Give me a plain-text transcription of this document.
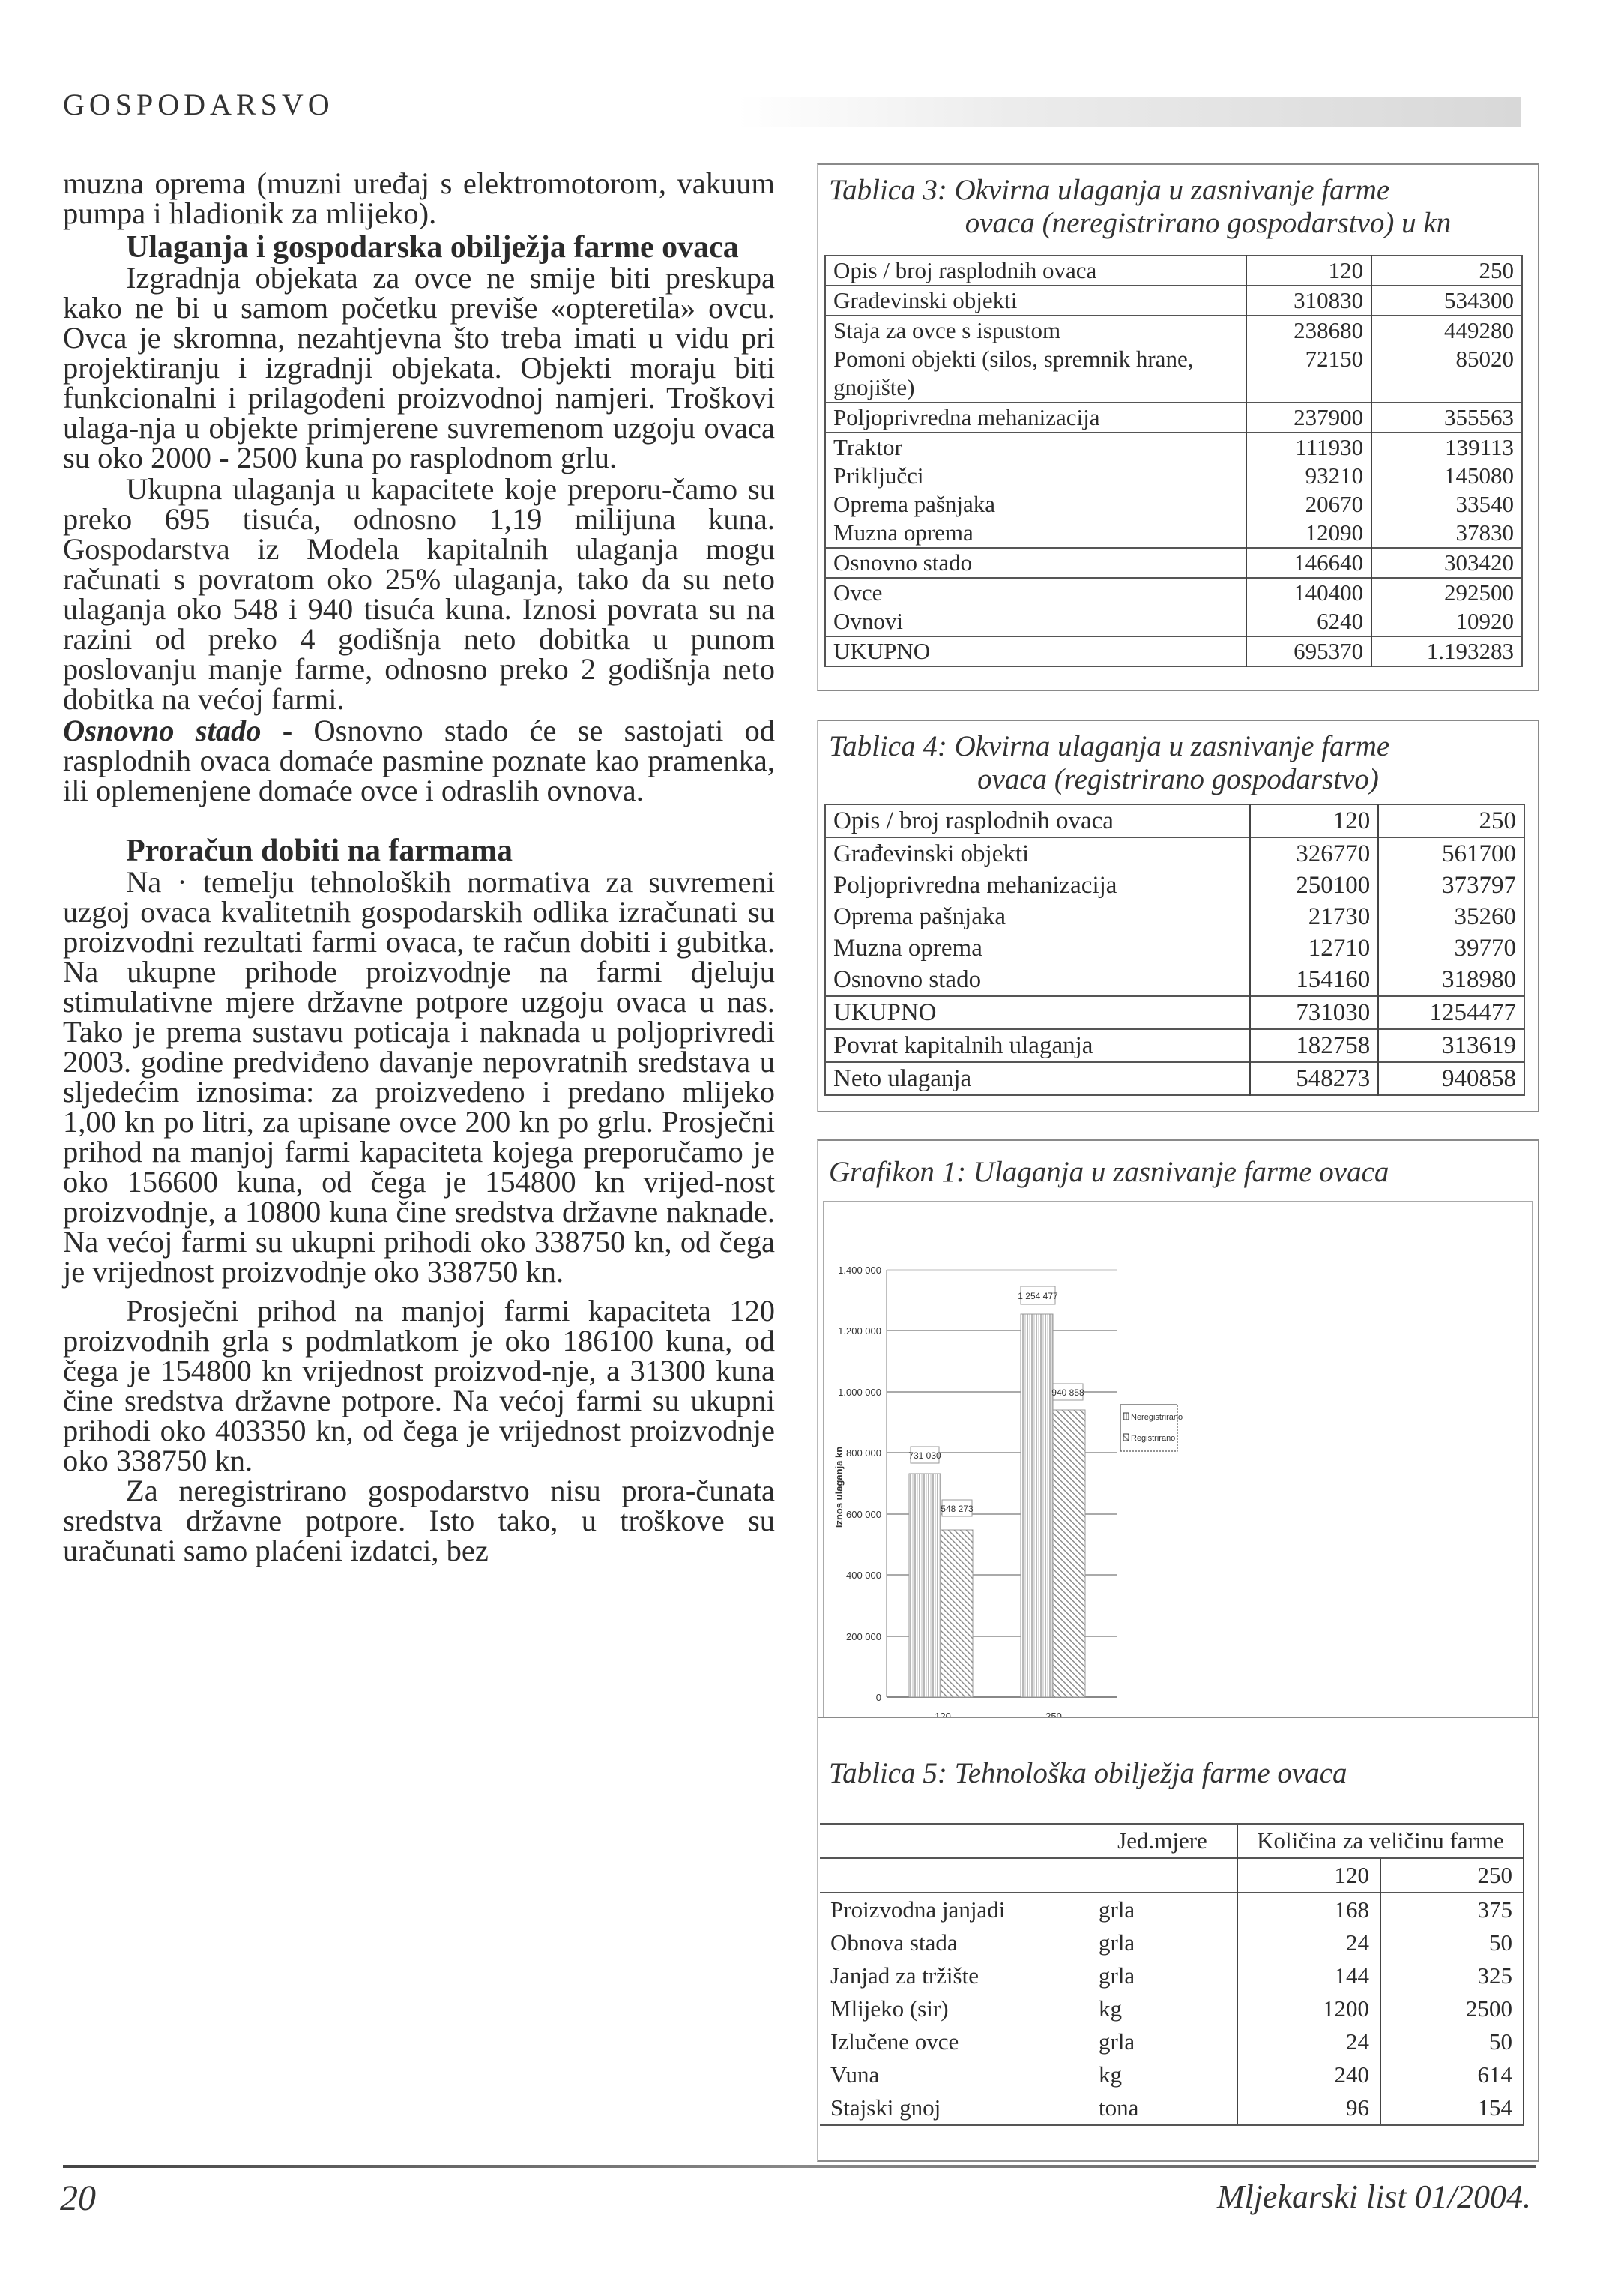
GOSPODARSVO

muzna oprema (muzni uređaj s elektromotorom, vakuum pumpa i hladionik za mlijeko).

Ulaganja i gospodarska obilježja farme ovaca

Izgradnja objekata za ovce ne smije biti preskupa kako ne bi u samom početku previše «opteretila» ovcu. Ovca je skromna, nezahtjevna što treba imati u vidu pri projektiranju i izgradnji objekata. Objekti moraju biti funkcionalni i prilagođeni proizvodnoj namjeri. Troškovi ulaga-nja u objekte primjerene suvremenom uzgoju ovaca su oko 2000 - 2500 kuna po rasplodnom grlu.

Ukupna ulaganja u kapacitete koje preporu-čamo su preko 695 tisuća, odnosno 1,19 milijuna kuna. Gospodarstva iz Modela kapitalnih ulaganja mogu računati s povratom oko 25% ulaganja, tako da su neto ulaganja oko 548 i 940 tisuća kuna. Iznosi povrata su na razini od preko 4 godišnja neto dobitka u punom poslovanju manje farme, odnosno preko 2 godišnja neto dobitka na većoj farmi.

Osnovno stado - Osnovno stado će se sastojati od rasplodnih ovaca domaće pasmine poznate kao pramenka, ili oplemenjene domaće ovce i odraslih ovnova.

Proračun dobiti na farmama

Na · temelju tehnoloških normativa za suvremeni uzgoj ovaca kvalitetnih gospodarskih odlika izračunati su proizvodni rezultati farmi ovaca, te račun dobiti i gubitka. Na ukupne prihode proizvodnje na farmi djeluju stimulativne mjere državne potpore uzgoju ovaca u nas. Tako je prema sustavu poticaja i naknada u poljoprivredi 2003. godine predviđeno davanje nepovratnih sredstava u sljedećim iznosima: za proizvedeno i predano mlijeko 1,00 kn po litri, za upisane ovce 200 kn po grlu. Prosječni prihod na manjoj farmi kapaciteta kojega preporučamo je oko 156600 kuna, od čega je 154800 kn vrijed-nost proizvodnje, a 10800 kuna čine sredstva državne naknade. Na većoj farmi su ukupni prihodi oko 338750 kn, od čega je vrijednost proizvodnje oko 338750 kn.

Prosječni prihod na manjoj farmi kapaciteta 120 proizvodnih grla s podmlatkom je oko 186100 kuna, od čega je 154800 kn vrijednost proizvod-nje, a 31300 kuna čine sredstva državne potpore. Na većoj farmi su ukupni prihodi oko 403350 kn, od čega je vrijednost proizvodnje oko 338750 kn.

Za neregistrirano gospodarstvo nisu prora-čunata sredstva državne potpore. Isto tako, u troškove su uračunati samo plaćeni izdatci, bez

Tablica 3: Okvirna ulaganja u zasnivanje farme
ovaca (neregistrirano gospodarstvo) u kn
Opis / broj rasplodnih ovaca	120	250
Građevinski objekti	310830	534300
Staja za ovce s ispustom	238680	449280
Pomoni objekti (silos, spremnik hrane, gnojište)	72150	85020
Poljoprivredna mehanizacija	237900	355563
Traktor	111930	139113
Priključci	93210	145080
Oprema pašnjaka	20670	33540
Muzna oprema	12090	37830
Osnovno stado	146640	303420
Ovce	140400	292500
Ovnovi	6240	10920
UKUPNO	695370	1.193283
Tablica 4: Okvirna ulaganja u zasnivanje farme
ovaca (registrirano gospodarstvo)
Opis / broj rasplodnih ovaca	120	250
Građevinski objekti	326770	561700
Poljoprivredna mehanizacija	250100	373797
Oprema pašnjaka	21730	35260
Muzna oprema	12710	39770
Osnovno stado	154160	318980
UKUPNO	731030	1254477
Povrat kapitalnih ulaganja	182758	313619
Neto ulaganja	548273	940858
Grafikon 1: Ulaganja u zasnivanje farme ovaca
1.400 000
1.200 000
1.000 000
800 000
600 000
400 000
200 000
0
Iznos ulaganja kn	731 030
548 273
1 254 477
940 858
Neregistrirano
Registrirano
Tablica 5: Tehnološka obilježja farme ovaca
	Jed.mjere	Količina za veličinu farme	
		120	250
Proizvodna janjadi	grla	168	375
Obnova stada	grla	24	50
Janjad za tržište	grla	144	325
Mlijeko (sir)	kg	1200	2500
Izlučene ovce	grla	24	50
Vuna	kg	240	614
Stajski gnoj	tona	96	154
20	Mljekarski list 01/2004.
